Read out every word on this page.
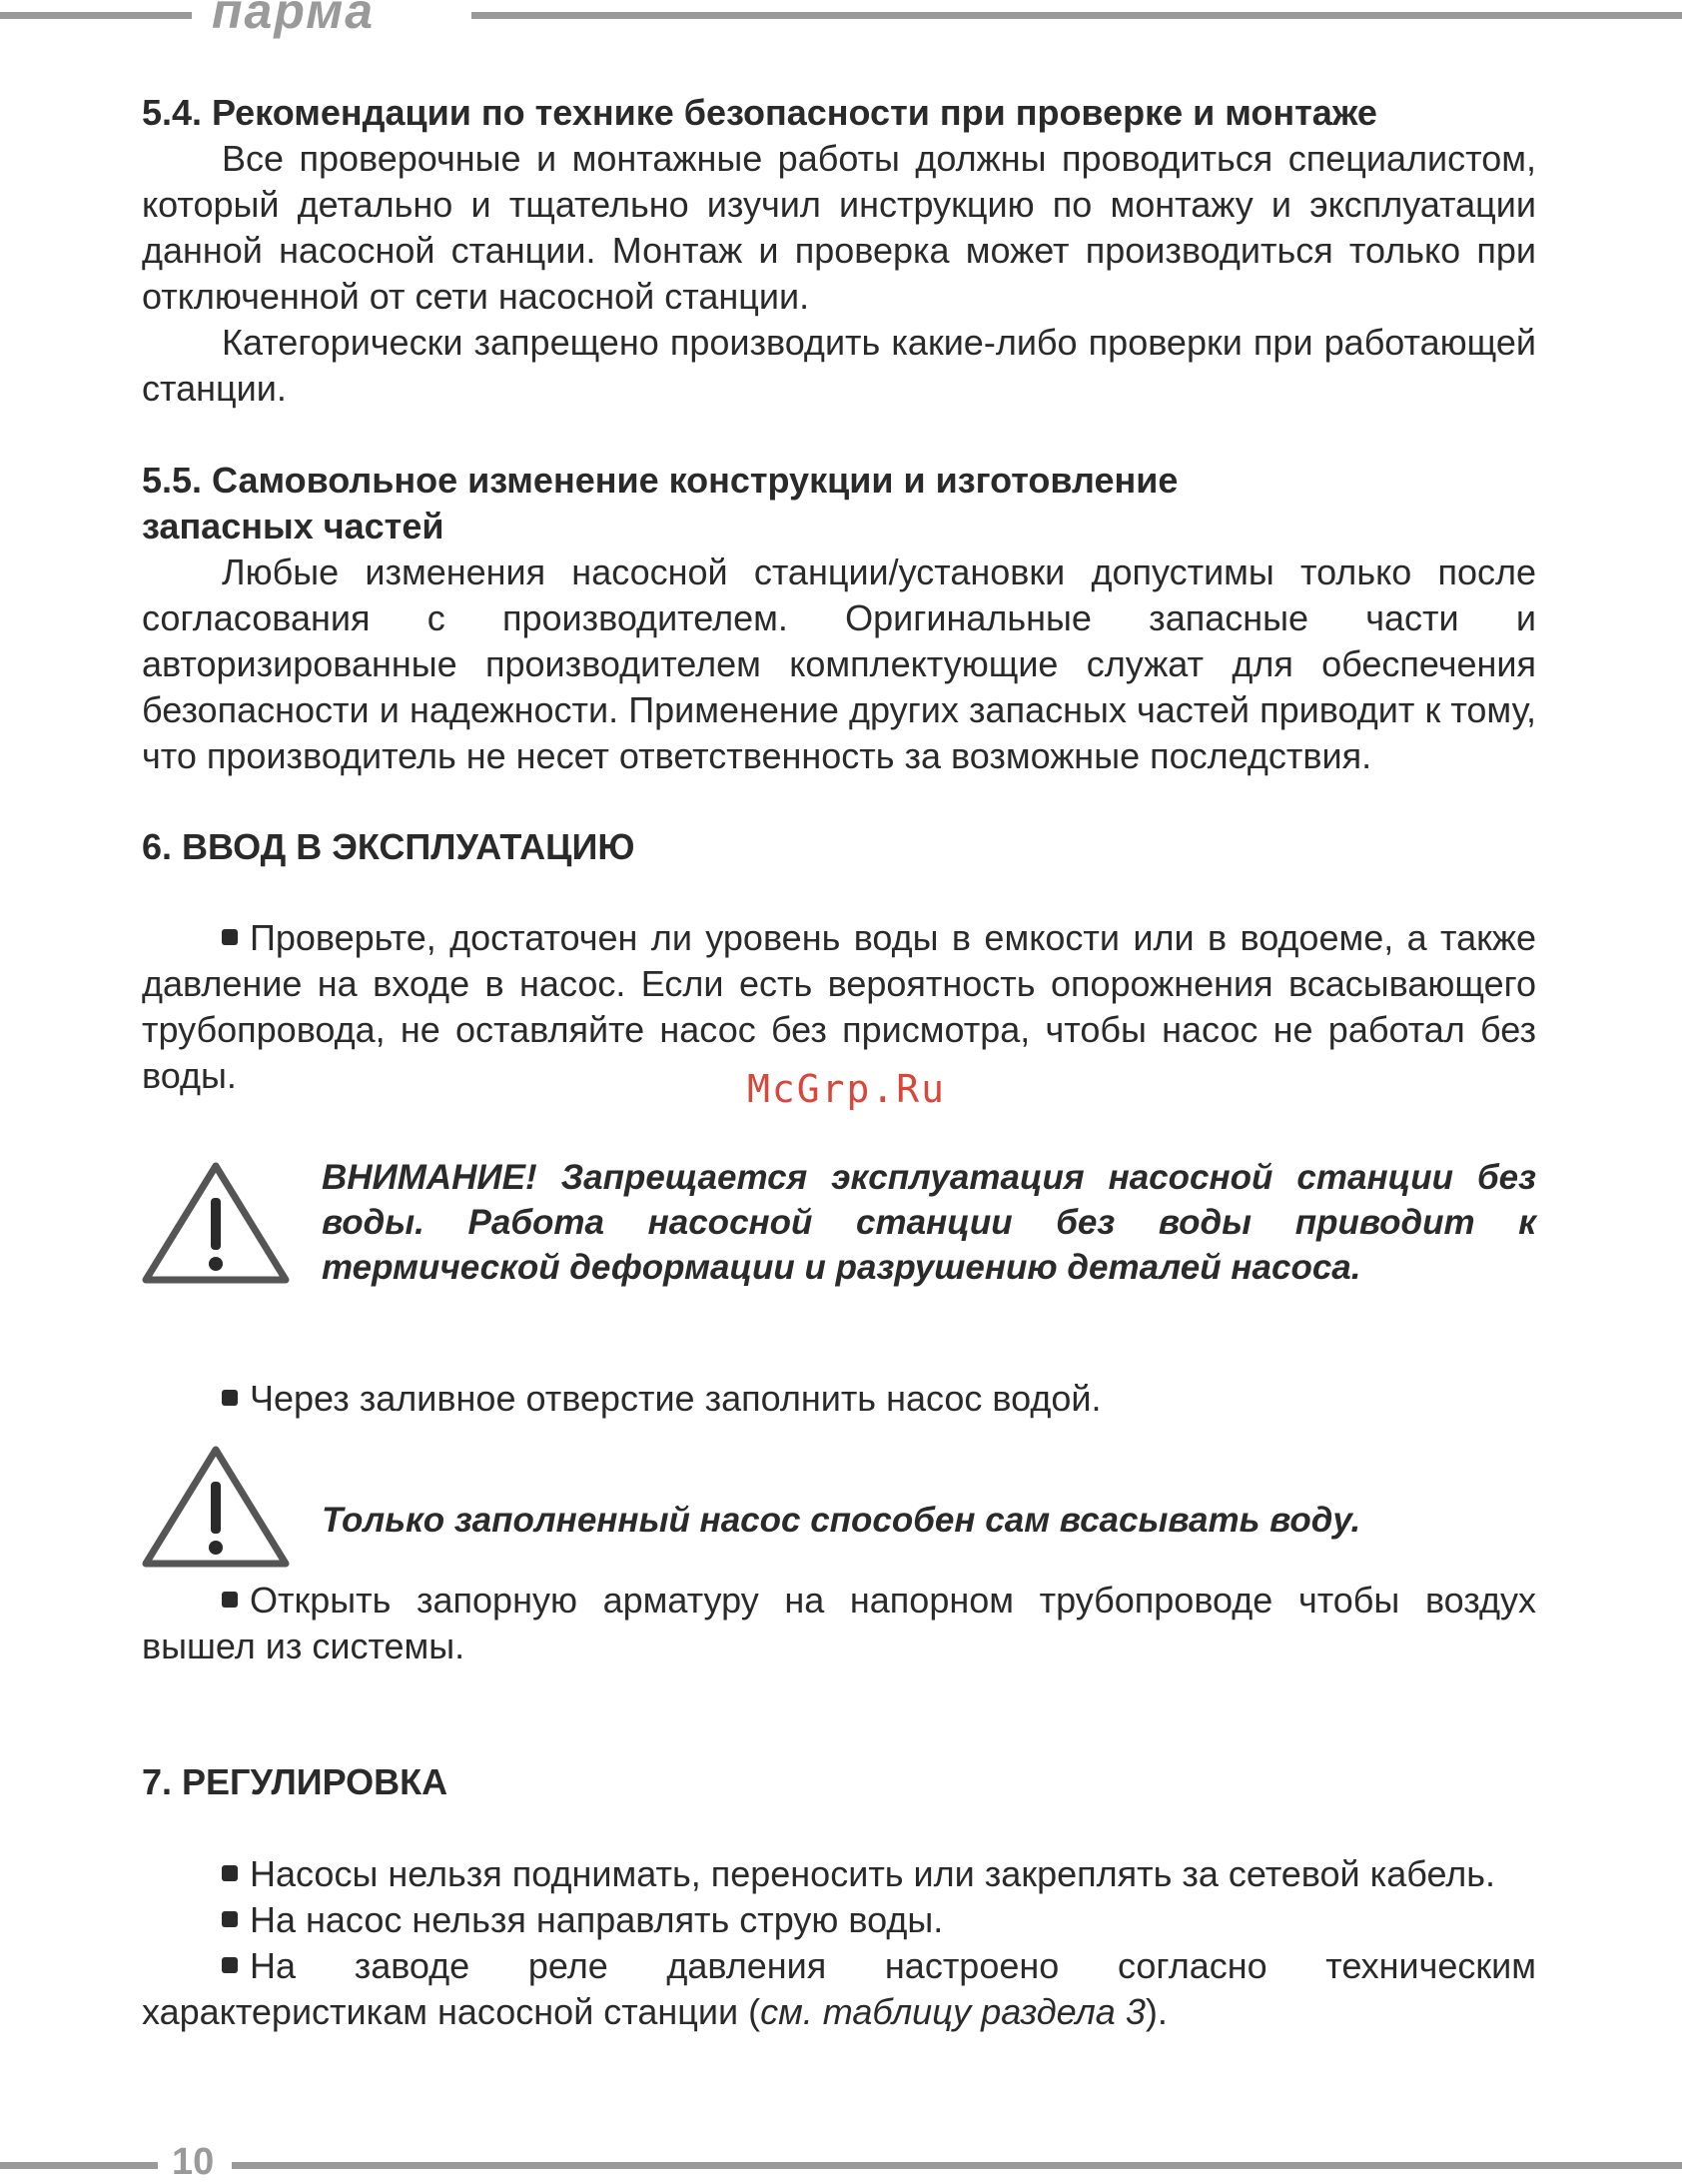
парма
McGrp.Ru

5.4. Рекомендации по технике безопасности при проверке и монтаже

Все проверочные и монтажные работы должны проводиться специалистом, который детально и тщательно изучил инструкцию по монтажу и эксплуатации данной насосной станции. Монтаж и проверка может производиться только при отключенной от сети насосной станции.

Категорически запрещено производить какие-либо проверки при работающей станции.

5.5. Самовольное изменение конструкции и изготовление
запасных частей

Любые изменения насосной станции/установки допустимы только после согласования с производителем. Оригинальные запасные части и авторизированные производителем комплектующие служат для обеспечения безопасности и надежности. Применение других запасных частей приводит к тому, что производитель не несет ответственность за возможные последствия.

6. ВВОД В ЭКСПЛУАТАЦИЮ

Проверьте, достаточен ли уровень воды в емкости или в водоеме, а также давление на входе в насос. Если есть вероятность опорожнения всасывающего трубопровода, не оставляйте насос без присмотра, чтобы насос не работал без воды.

ВНИМАНИЕ! Запрещается эксплуатация насосной станции без воды. Работа насосной станции без воды приводит к термической деформации и разрушению деталей насоса.

Через заливное отверстие заполнить насос водой.

Только заполненный насос способен сам всасывать воду.

Открыть запорную арматуру на напорном трубопроводе чтобы воздух вышел из системы.

7. РЕГУЛИРОВКА

Насосы нельзя поднимать, переносить или закреплять за сетевой кабель.

На насос нельзя направлять струю воды.

На заводе реле давления настроено согласно техническим характеристикам насосной станции (см. таблицу раздела 3).

10
